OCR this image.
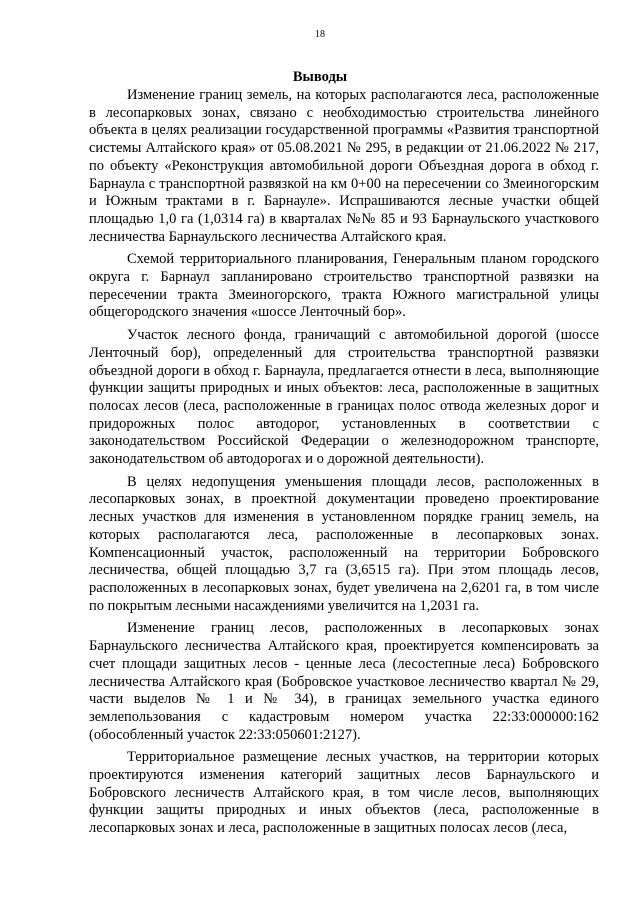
18
Выводы

Изменение границ земель, на которых располагаются леса, расположенные в лесопарковых зонах, связано с необходимостью строительства линейного объекта в целях реализации государственной программы «Развития транспортной системы Алтайского края» от 05.08.2021 № 295, в редакции от 21.06.2022 № 217, по объекту «Реконструкция автомобильной дороги Объездная дорога в обход г. Барнаула с транспортной развязкой на км 0+00 на пересечении со Змеиногорским и Южным трактами в г. Барнауле». Испрашиваются лесные участки общей площадью 1,0 га (1,0314 га) в кварталах №№ 85 и 93 Барнаульского участкового лесничества Барнаульского лесничества Алтайского края.

Схемой территориального планирования, Генеральным планом городского округа г. Барнаул запланировано строительство транспортной развязки на пересечении тракта Змеиногорского, тракта Южного магистральной улицы общегородского значения «шоссе Ленточный бор».

Участок лесного фонда, граничащий с автомобильной дорогой (шоссе Ленточный бор), определенный для строительства транспортной развязки объездной дороги в обход г. Барнаула, предлагается отнести в леса, выполняющие функции защиты природных и иных объектов: леса, расположенные в защитных полосах лесов (леса, расположенные в границах полос отвода железных дорог и придорожных полос автодорог, установленных в соответствии с законодательством Российской Федерации о железнодорожном транспорте, законодательством об автодорогах и о дорожной деятельности).

В целях недопущения уменьшения площади лесов, расположенных в лесопарковых зонах, в проектной документации проведено проектирование лесных участков для изменения в установленном порядке границ земель, на которых располагаются леса, расположенные в лесопарковых зонах. Компенсационный участок, расположенный на территории Бобровского лесничества, общей площадью 3,7 га (3,6515 га). При этом площадь лесов, расположенных в лесопарковых зонах, будет увеличена на 2,6201 га, в том числе по покрытым лесными насаждениями увеличится на 1,2031 га.

Изменение границ лесов, расположенных в лесопарковых зонах Барнаульского лесничества Алтайского края, проектируется компенсировать за счет площади защитных лесов - ценные леса (лесостепные леса) Бобровского лесничества Алтайского края (Бобровское участковое лесничество квартал № 29, части выделов № 1 и № 34), в границах земельного участка единого землепользования с кадастровым номером участка 22:33:000000:162 (обособленный участок 22:33:050601:2127).

Территориальное размещение лесных участков, на территории которых проектируются изменения категорий защитных лесов Барнаульского и Бобровского лесничеств Алтайского края, в том числе лесов, выполняющих функции защиты природных и иных объектов (леса, расположенные в лесопарковых зонах и леса, расположенные в защитных полосах лесов (леса,
